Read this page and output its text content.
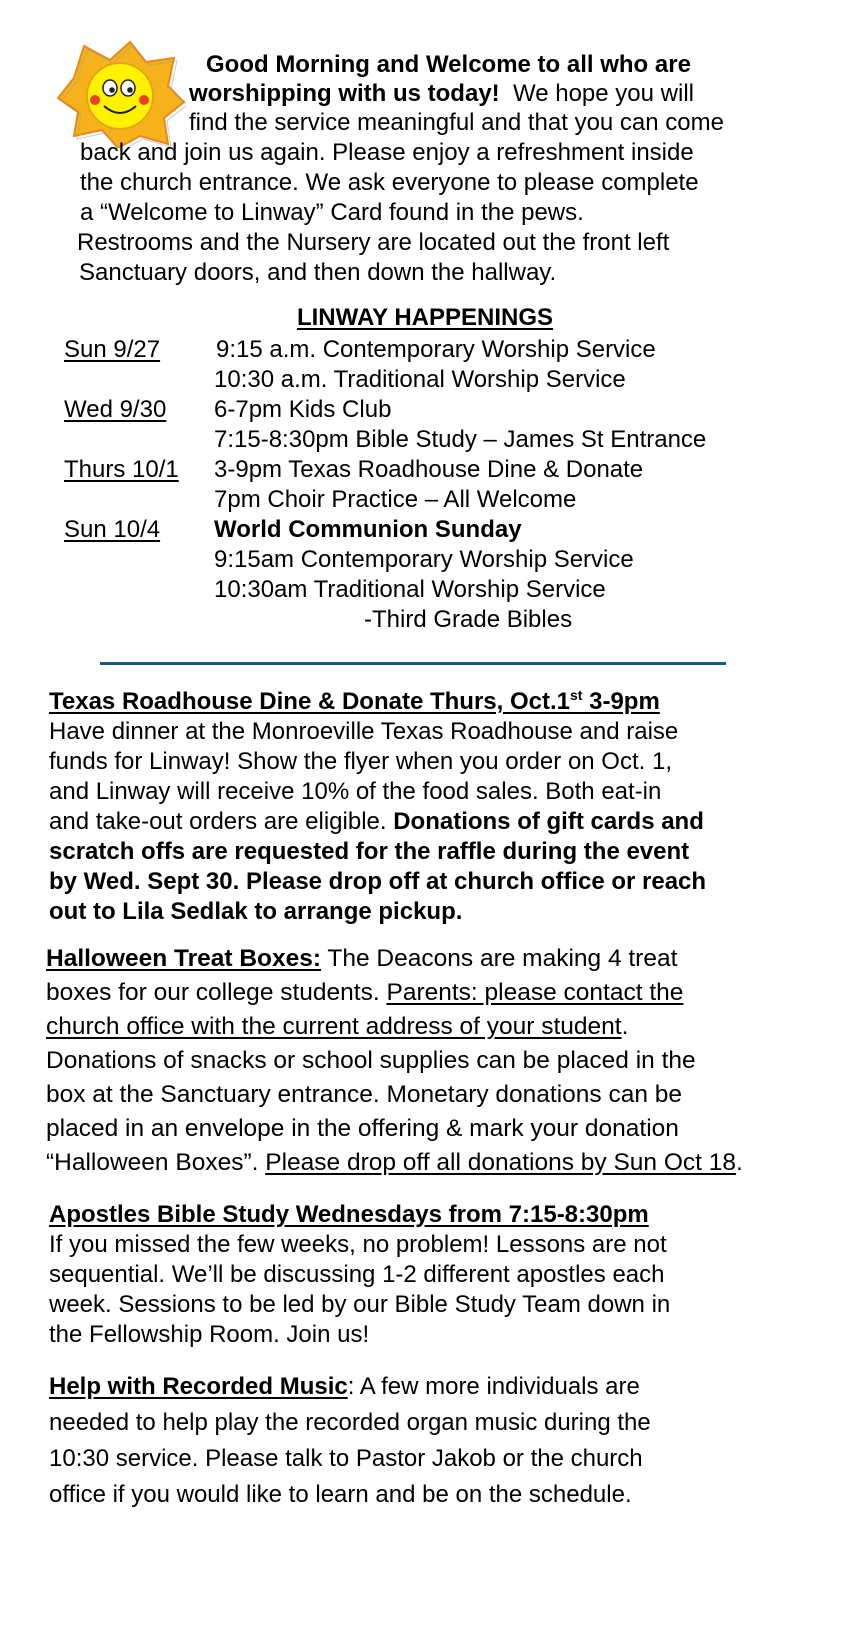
Good Morning and Welcome to all who are
worshipping with us today! We hope you will
find the service meaningful and that you can come
back and join us again. Please enjoy a refreshment inside
the church entrance. We ask everyone to please complete
a “Welcome to Linway” Card found in the pews.
Restrooms and the Nursery are located out the front left
Sanctuary doors, and then down the hallway.
LINWAY HAPPENINGS
Sun 9/27 9:15 a.m. Contemporary Worship Service
10:30 a.m. Traditional Worship Service
Wed 9/30 6-7pm Kids Club
7:15-8:30pm Bible Study – James St Entrance
Thurs 10/1 3-9pm Texas Roadhouse Dine & Donate
7pm Choir Practice – All Welcome
Sun 10/4 World Communion Sunday
9:15am Contemporary Worship Service
10:30am Traditional Worship Service
-Third Grade Bibles
Texas Roadhouse Dine & Donate Thurs, Oct.1st 3-9pm
Have dinner at the Monroeville Texas Roadhouse and raise
funds for Linway! Show the flyer when you order on Oct. 1,
and Linway will receive 10% of the food sales. Both eat-in
and take-out orders are eligible. Donations of gift cards and
scratch offs are requested for the raffle during the event
by Wed. Sept 30. Please drop off at church office or reach
out to Lila Sedlak to arrange pickup.
Halloween Treat Boxes: The Deacons are making 4 treat
boxes for our college students. Parents: please contact the
church office with the current address of your student.
Donations of snacks or school supplies can be placed in the
box at the Sanctuary entrance. Monetary donations can be
placed in an envelope in the offering & mark your donation
“Halloween Boxes”. Please drop off all donations by Sun Oct 18.
Apostles Bible Study Wednesdays from 7:15-8:30pm
If you missed the few weeks, no problem! Lessons are not
sequential. We’ll be discussing 1-2 different apostles each
week. Sessions to be led by our Bible Study Team down in
the Fellowship Room. Join us!
Help with Recorded Music: A few more individuals are
needed to help play the recorded organ music during the
10:30 service. Please talk to Pastor Jakob or the church
office if you would like to learn and be on the schedule.
